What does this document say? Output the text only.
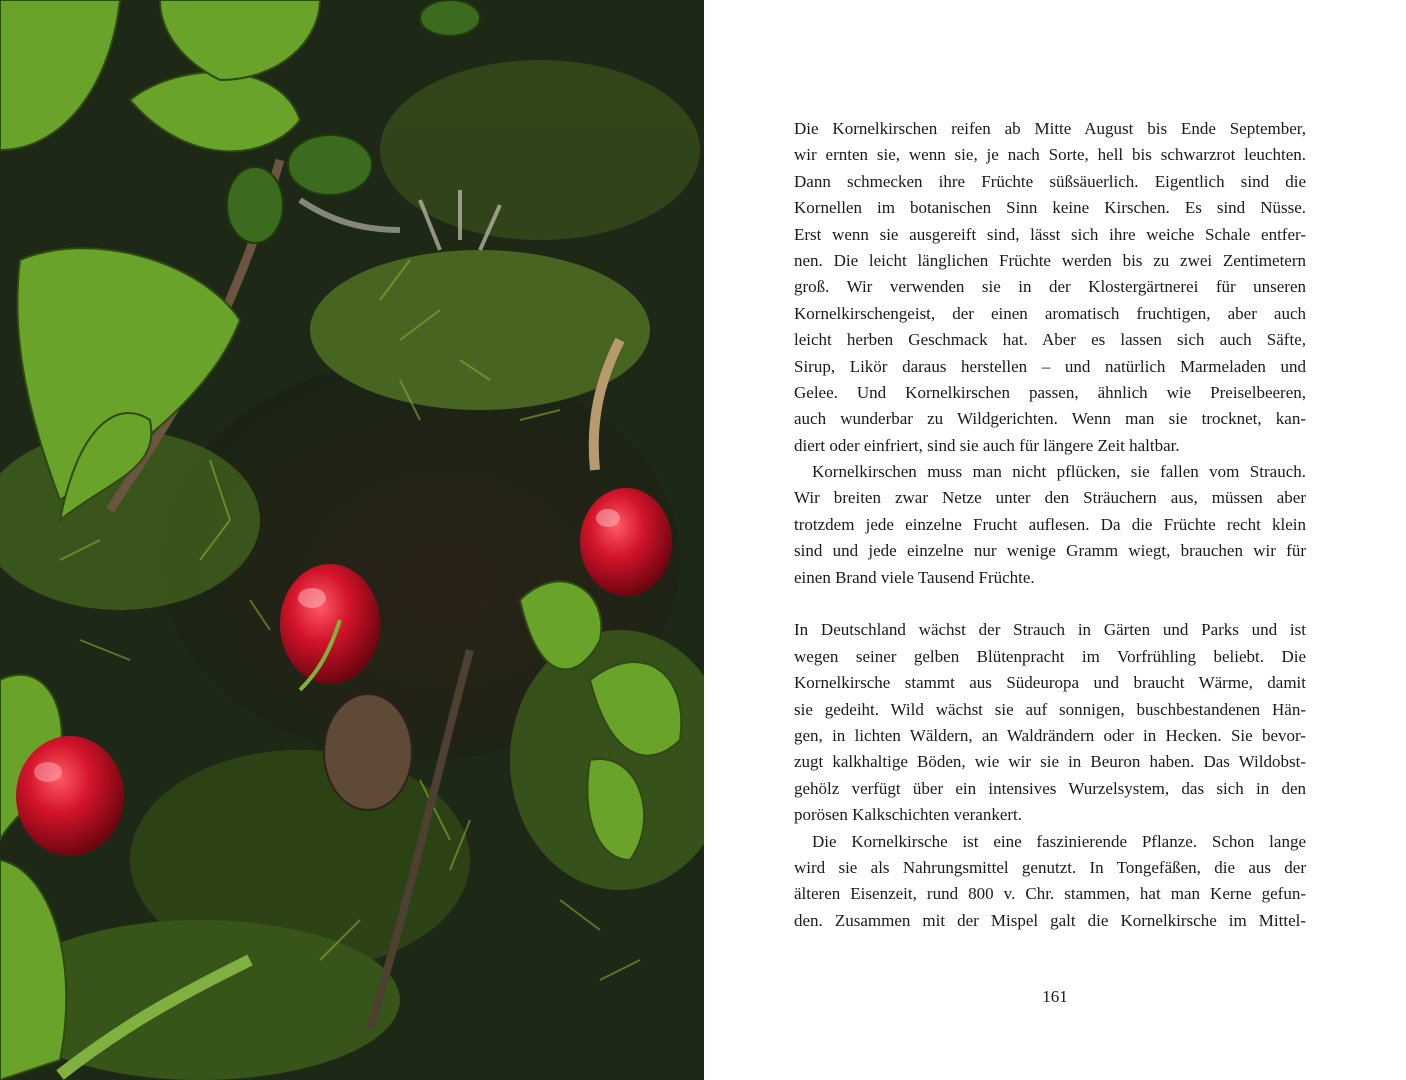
Die Kornelkirschen reifen ab Mitte August bis Ende September,
wir ernten sie, wenn sie, je nach Sorte, hell bis schwarzrot leuchten.
Dann schmecken ihre Früchte süßsäuerlich. Eigentlich sind die
Kornellen im botanischen Sinn keine Kirschen. Es sind Nüsse.
Erst wenn sie ausgereift sind, lässt sich ihre weiche Schale entfer-
nen. Die leicht länglichen Früchte werden bis zu zwei Zentimetern
groß. Wir verwenden sie in der Klostergärtnerei für unseren
Kornelkirschengeist, der einen aromatisch fruchtigen, aber auch
leicht herben Geschmack hat. Aber es lassen sich auch Säfte,
Sirup, Likör daraus herstellen – und natürlich Marmeladen und
Gelee. Und Kornelkirschen passen, ähnlich wie Preiselbeeren,
auch wunderbar zu Wildgerichten. Wenn man sie trocknet, kan-
diert oder einfriert, sind sie auch für längere Zeit haltbar.
Kornelkirschen muss man nicht pflücken, sie fallen vom Strauch.
Wir breiten zwar Netze unter den Sträuchern aus, müssen aber
trotzdem jede einzelne Frucht auflesen. Da die Früchte recht klein
sind und jede einzelne nur wenige Gramm wiegt, brauchen wir für
einen Brand viele Tausend Früchte.
In Deutschland wächst der Strauch in Gärten und Parks und ist
wegen seiner gelben Blütenpracht im Vorfrühling beliebt. Die
Kornelkirsche stammt aus Südeuropa und braucht Wärme, damit
sie gedeiht. Wild wächst sie auf sonnigen, buschbestandenen Hän-
gen, in lichten Wäldern, an Waldrändern oder in Hecken. Sie bevor-
zugt kalkhaltige Böden, wie wir sie in Beuron haben. Das Wildobst-
gehölz verfügt über ein intensives Wurzelsystem, das sich in den
porösen Kalkschichten verankert.
Die Kornelkirsche ist eine faszinierende Pflanze. Schon lange
wird sie als Nahrungsmittel genutzt. In Tongefäßen, die aus der
älteren Eisenzeit, rund 800 v. Chr. stammen, hat man Kerne gefun-
den. Zusammen mit der Mispel galt die Kornelkirsche im Mittel-
161
